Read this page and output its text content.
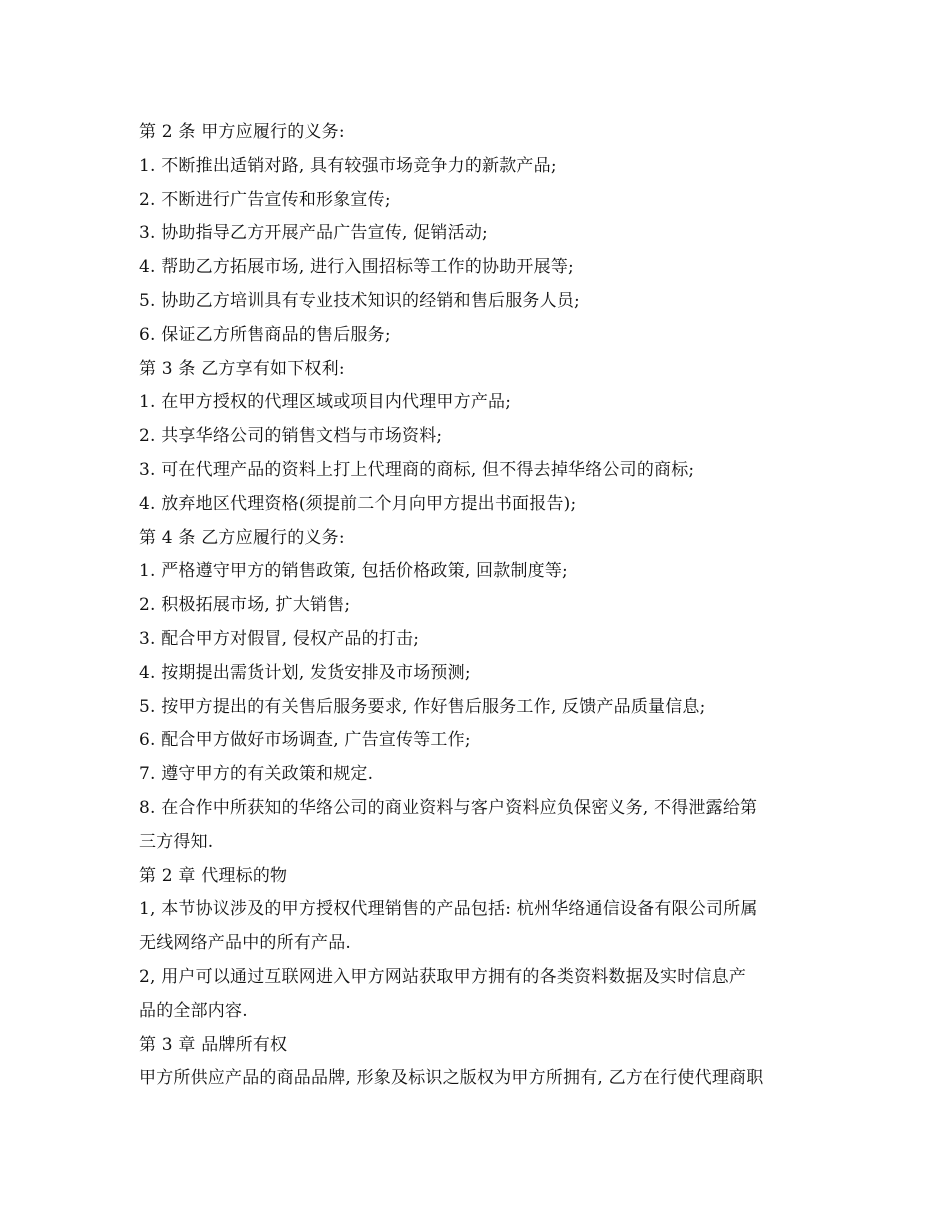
第 2 条 甲方应履行的义务:
1. 不断推出适销对路, 具有较强市场竞争力的新款产品;
2. 不断进行广告宣传和形象宣传;
3. 协助指导乙方开展产品广告宣传, 促销活动;
4. 帮助乙方拓展市场, 进行入围招标等工作的协助开展等;
5. 协助乙方培训具有专业技术知识的经销和售后服务人员;
6. 保证乙方所售商品的售后服务;
第 3 条 乙方享有如下权利:
1. 在甲方授权的代理区域或项目内代理甲方产品;
2. 共享华络公司的销售文档与市场资料;
3. 可在代理产品的资料上打上代理商的商标, 但不得去掉华络公司的商标;
4. 放弃地区代理资格(须提前二个月向甲方提出书面报告);
第 4 条 乙方应履行的义务:
1. 严格遵守甲方的销售政策, 包括价格政策, 回款制度等;
2. 积极拓展市场, 扩大销售;
3. 配合甲方对假冒, 侵权产品的打击;
4. 按期提出需货计划, 发货安排及市场预测;
5. 按甲方提出的有关售后服务要求, 作好售后服务工作, 反馈产品质量信息;
6. 配合甲方做好市场调查, 广告宣传等工作;
7. 遵守甲方的有关政策和规定.
8. 在合作中所获知的华络公司的商业资料与客户资料应负保密义务, 不得泄露给第
三方得知.
第 2 章 代理标的物
1, 本节协议涉及的甲方授权代理销售的产品包括: 杭州华络通信设备有限公司所属
无线网络产品中的所有产品.
2, 用户可以通过互联网进入甲方网站获取甲方拥有的各类资料数据及实时信息产
品的全部内容.
第 3 章 品牌所有权
甲方所供应产品的商品品牌, 形象及标识之版权为甲方所拥有, 乙方在行使代理商职
